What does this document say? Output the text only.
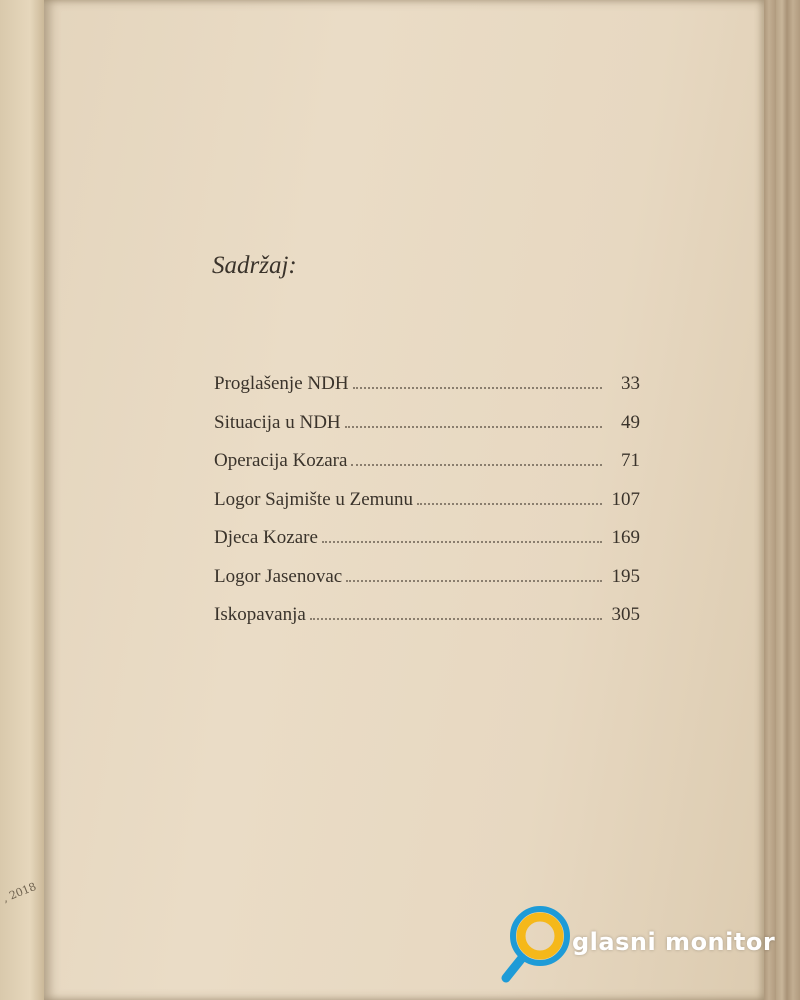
, 2018
Sadržaj:
Proglašenje NDH	33
Situacija u NDH	49
Operacija Kozara	71
Logor Sajmište u Zemunu	107
Djeca Kozare	169
Logor Jasenovac	195
Iskopavanja	305
glasni monitor
